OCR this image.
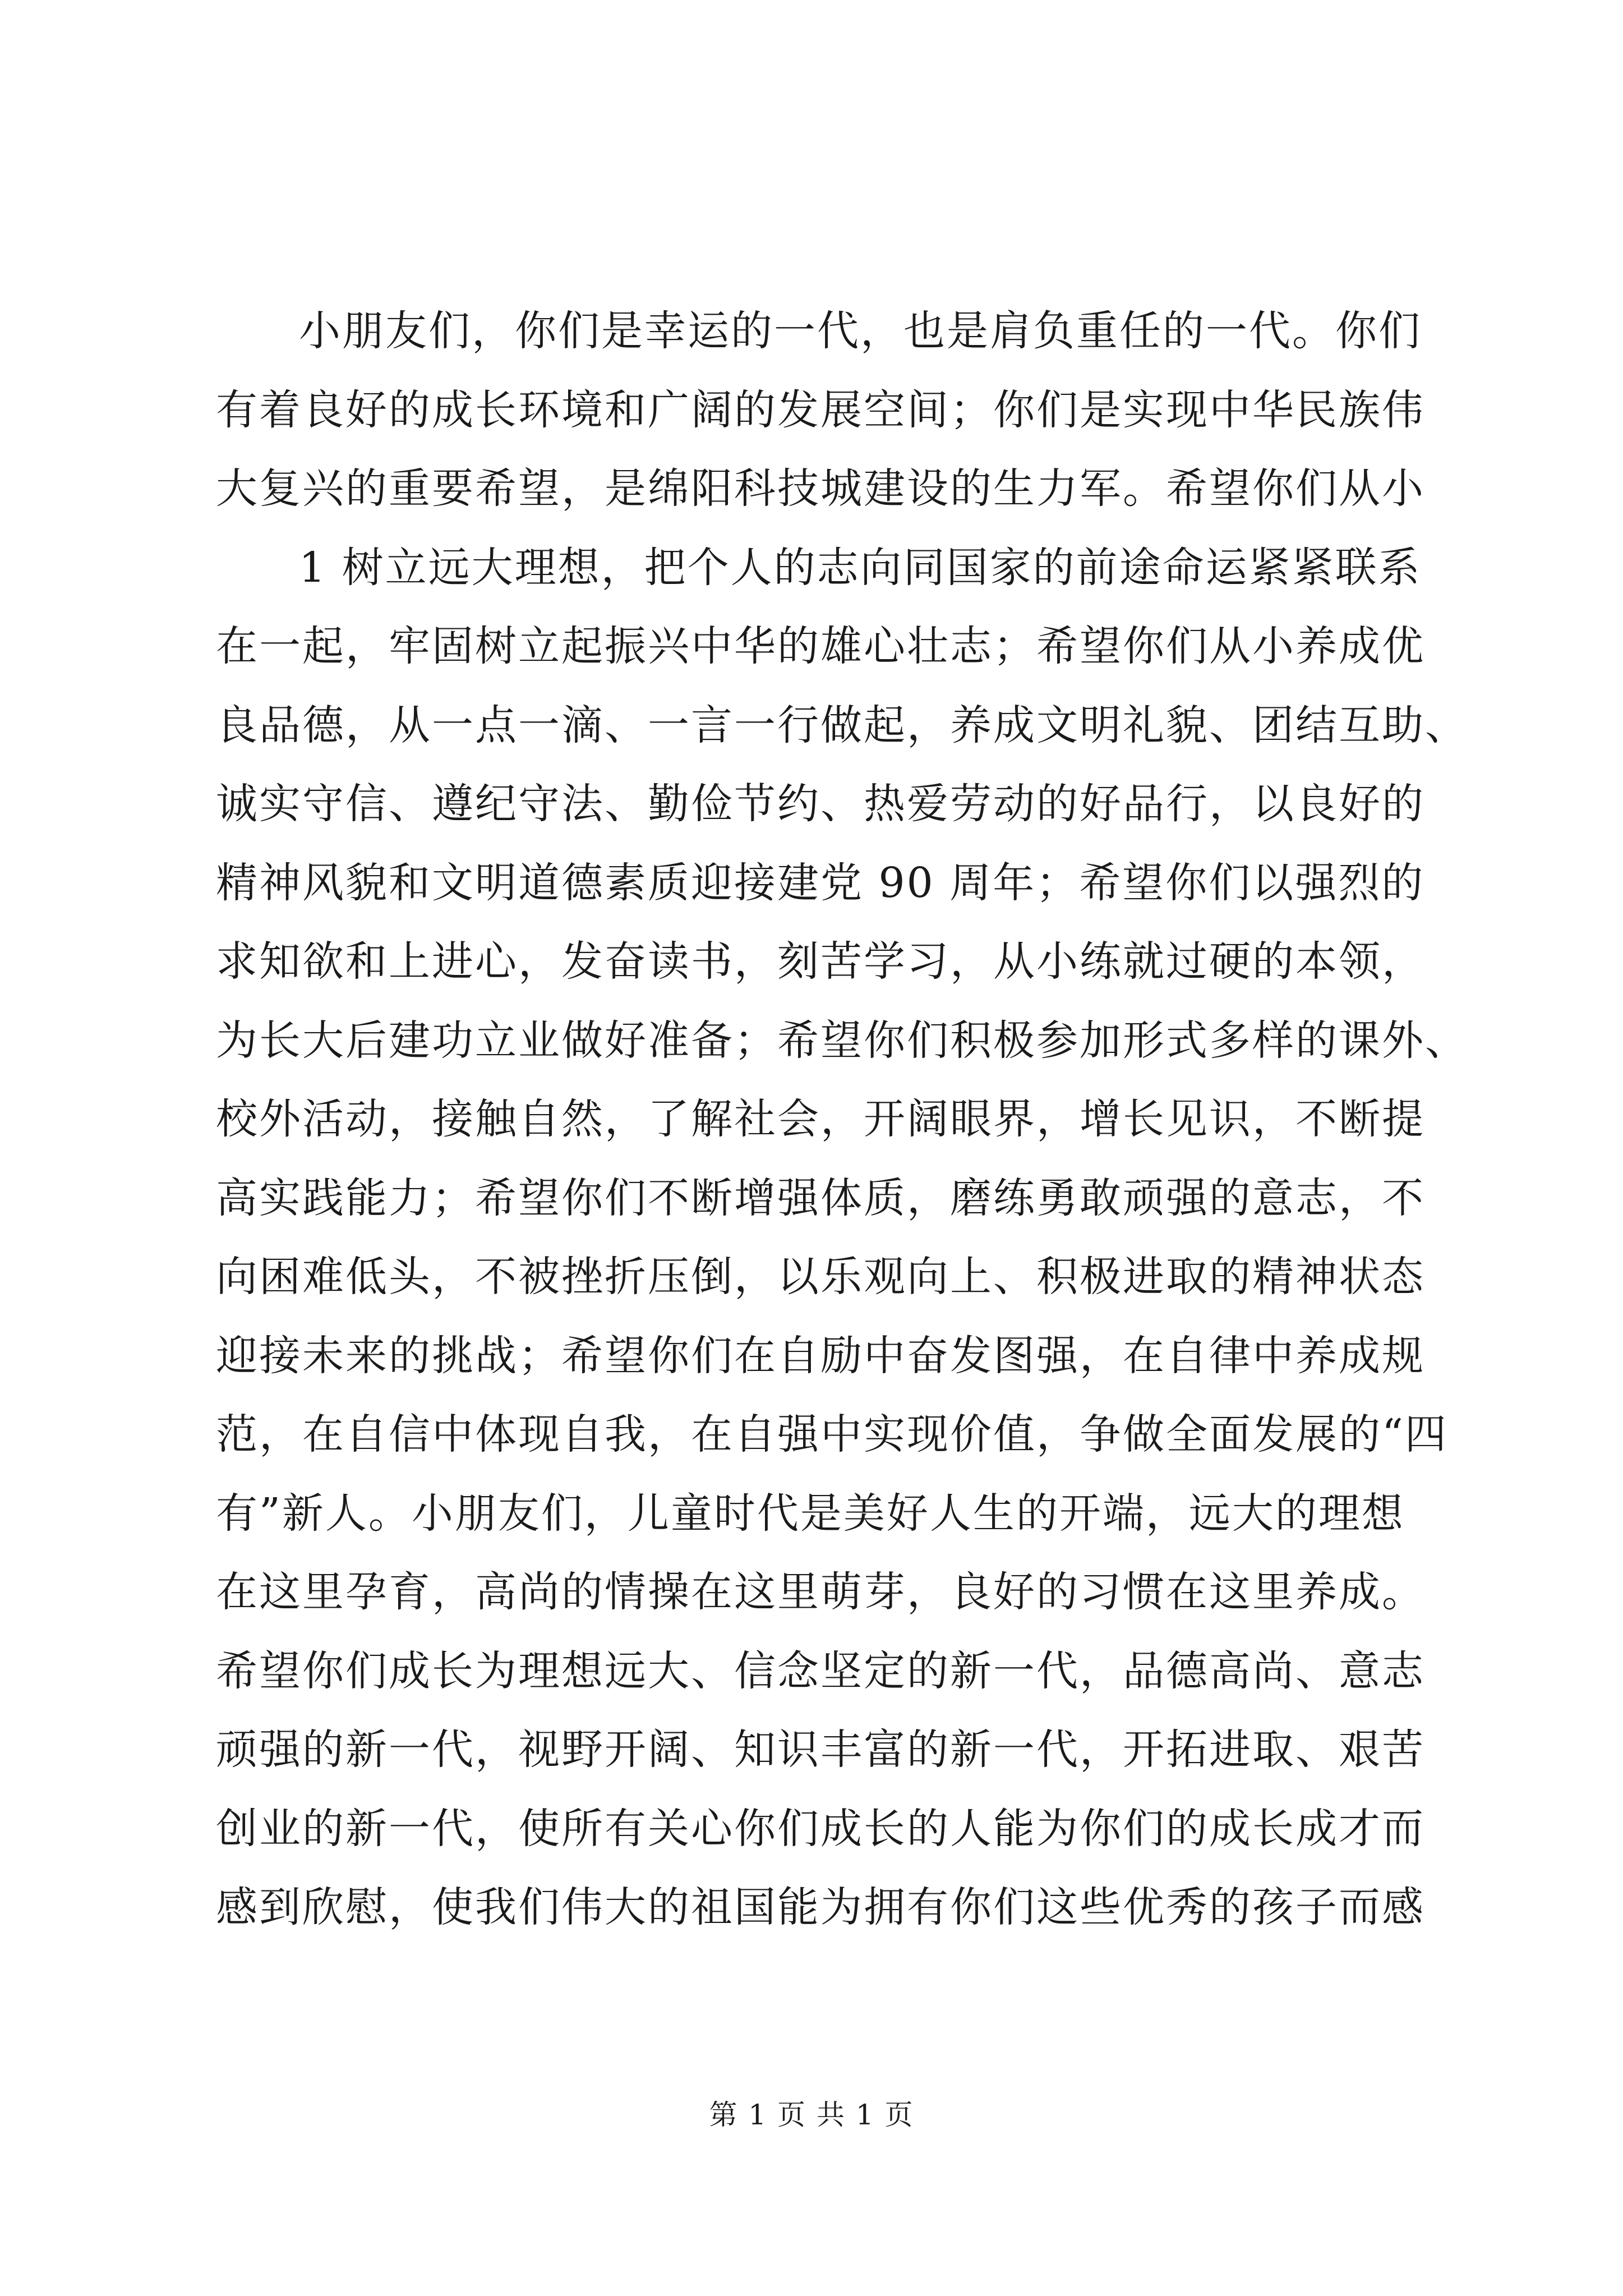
小朋友们，你们是幸运的一代，也是肩负重任的一代。你们
有着良好的成长环境和广阔的发展空间；你们是实现中华民族伟
大复兴的重要希望，是绵阳科技城建设的生力军。希望你们从小
1 树立远大理想，把个人的志向同国家的前途命运紧紧联系
在一起，牢固树立起振兴中华的雄心壮志；希望你们从小养成优
良品德，从一点一滴、一言一行做起，养成文明礼貌、团结互助、
诚实守信、遵纪守法、勤俭节约、热爱劳动的好品行，以良好的
精神风貌和文明道德素质迎接建党 90 周年；希望你们以强烈的
求知欲和上进心，发奋读书，刻苦学习，从小练就过硬的本领，
为长大后建功立业做好准备；希望你们积极参加形式多样的课外、
校外活动，接触自然，了解社会，开阔眼界，增长见识，不断提
高实践能力；希望你们不断增强体质，磨练勇敢顽强的意志，不
向困难低头，不被挫折压倒，以乐观向上、积极进取的精神状态
迎接未来的挑战；希望你们在自励中奋发图强，在自律中养成规
范，在自信中体现自我，在自强中实现价值，争做全面发展的“四
有”新人。小朋友们，儿童时代是美好人生的开端，远大的理想
在这里孕育，高尚的情操在这里萌芽，良好的习惯在这里养成。
希望你们成长为理想远大、信念坚定的新一代，品德高尚、意志
顽强的新一代，视野开阔、知识丰富的新一代，开拓进取、艰苦
创业的新一代，使所有关心你们成长的人能为你们的成长成才而
感到欣慰，使我们伟大的祖国能为拥有你们这些优秀的孩子而感
第 1 页 共 1 页
